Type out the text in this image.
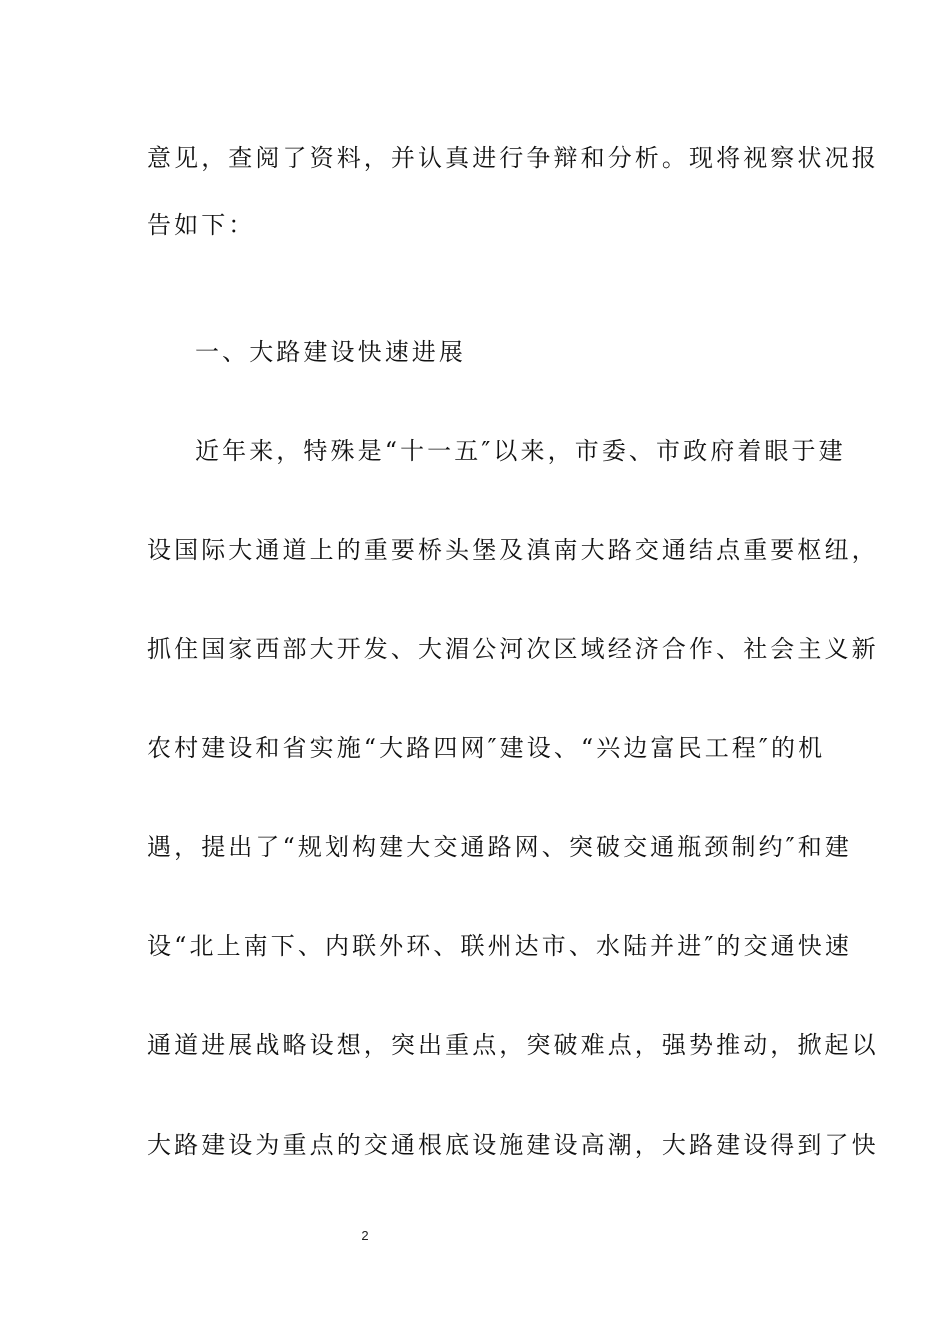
意见，查阅了资料，并认真进行争辩和分析。现将视察状况报
告如下：
一、大路建设快速进展
近年来，特殊是“十一五″以来，市委、市政府着眼于建
设国际大通道上的重要桥头堡及滇南大路交通结点重要枢纽，
抓住国家西部大开发、大湄公河次区域经济合作、社会主义新
农村建设和省实施“大路四网″建设、“兴边富民工程″的机
遇，提出了“规划构建大交通路网、突破交通瓶颈制约″和建
设“北上南下、内联外环、联州达市、水陆并进″的交通快速
通道进展战略设想，突出重点，突破难点，强势推动，掀起以
大路建设为重点的交通根底设施建设高潮，大路建设得到了快
2
